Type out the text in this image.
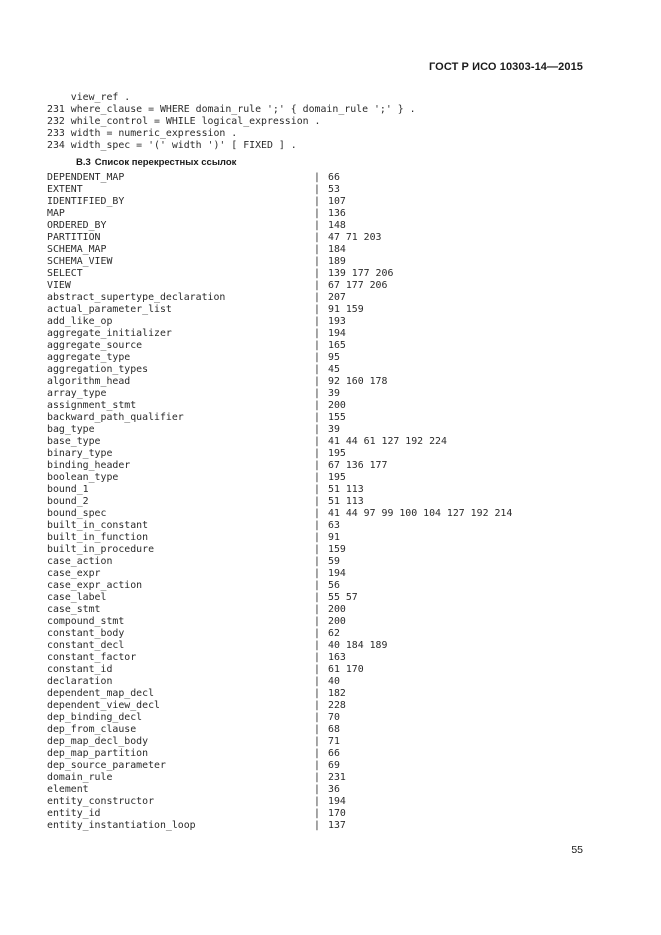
ГОСТ Р ИСО 10303-14—2015
view_ref .
231 where_clause = WHERE domain_rule ';' { domain_rule ';' } .
232 while_control = WHILE logical_expression .
233 width = numeric_expression .
234 width_spec = '(' width ')' [ FIXED ] .
B.3 Список перекрестных ссылок
DEPENDENT_MAP	| 66
EXTENT	| 53
IDENTIFIED_BY	| 107
MAP	| 136
ORDERED_BY	| 148
PARTITION	| 47 71 203
SCHEMA_MAP	| 184
SCHEMA_VIEW	| 189
SELECT	| 139 177 206
VIEW	| 67 177 206
abstract_supertype_declaration	| 207
actual_parameter_list	| 91 159
add_like_op	| 193
aggregate_initializer	| 194
aggregate_source	| 165
aggregate_type	| 95
aggregation_types	| 45
algorithm_head	| 92 160 178
array_type	| 39
assignment_stmt	| 200
backward_path_qualifier	| 155
bag_type	| 39
base_type	| 41 44 61 127 192 224
binary_type	| 195
binding_header	| 67 136 177
boolean_type	| 195
bound_1	| 51 113
bound_2	| 51 113
bound_spec	| 41 44 97 99 100 104 127 192 214
built_in_constant	| 63
built_in_function	| 91
built_in_procedure	| 159
case_action	| 59
case_expr	| 194
case_expr_action	| 56
case_label	| 55 57
case_stmt	| 200
compound_stmt	| 200
constant_body	| 62
constant_decl	| 40 184 189
constant_factor	| 163
constant_id	| 61 170
declaration	| 40
dependent_map_decl	| 182
dependent_view_decl	| 228
dep_binding_decl	| 70
dep_from_clause	| 68
dep_map_decl_body	| 71
dep_map_partition	| 66
dep_source_parameter	| 69
domain_rule	| 231
element	| 36
entity_constructor	| 194
entity_id	| 170
entity_instantiation_loop	| 137
55
